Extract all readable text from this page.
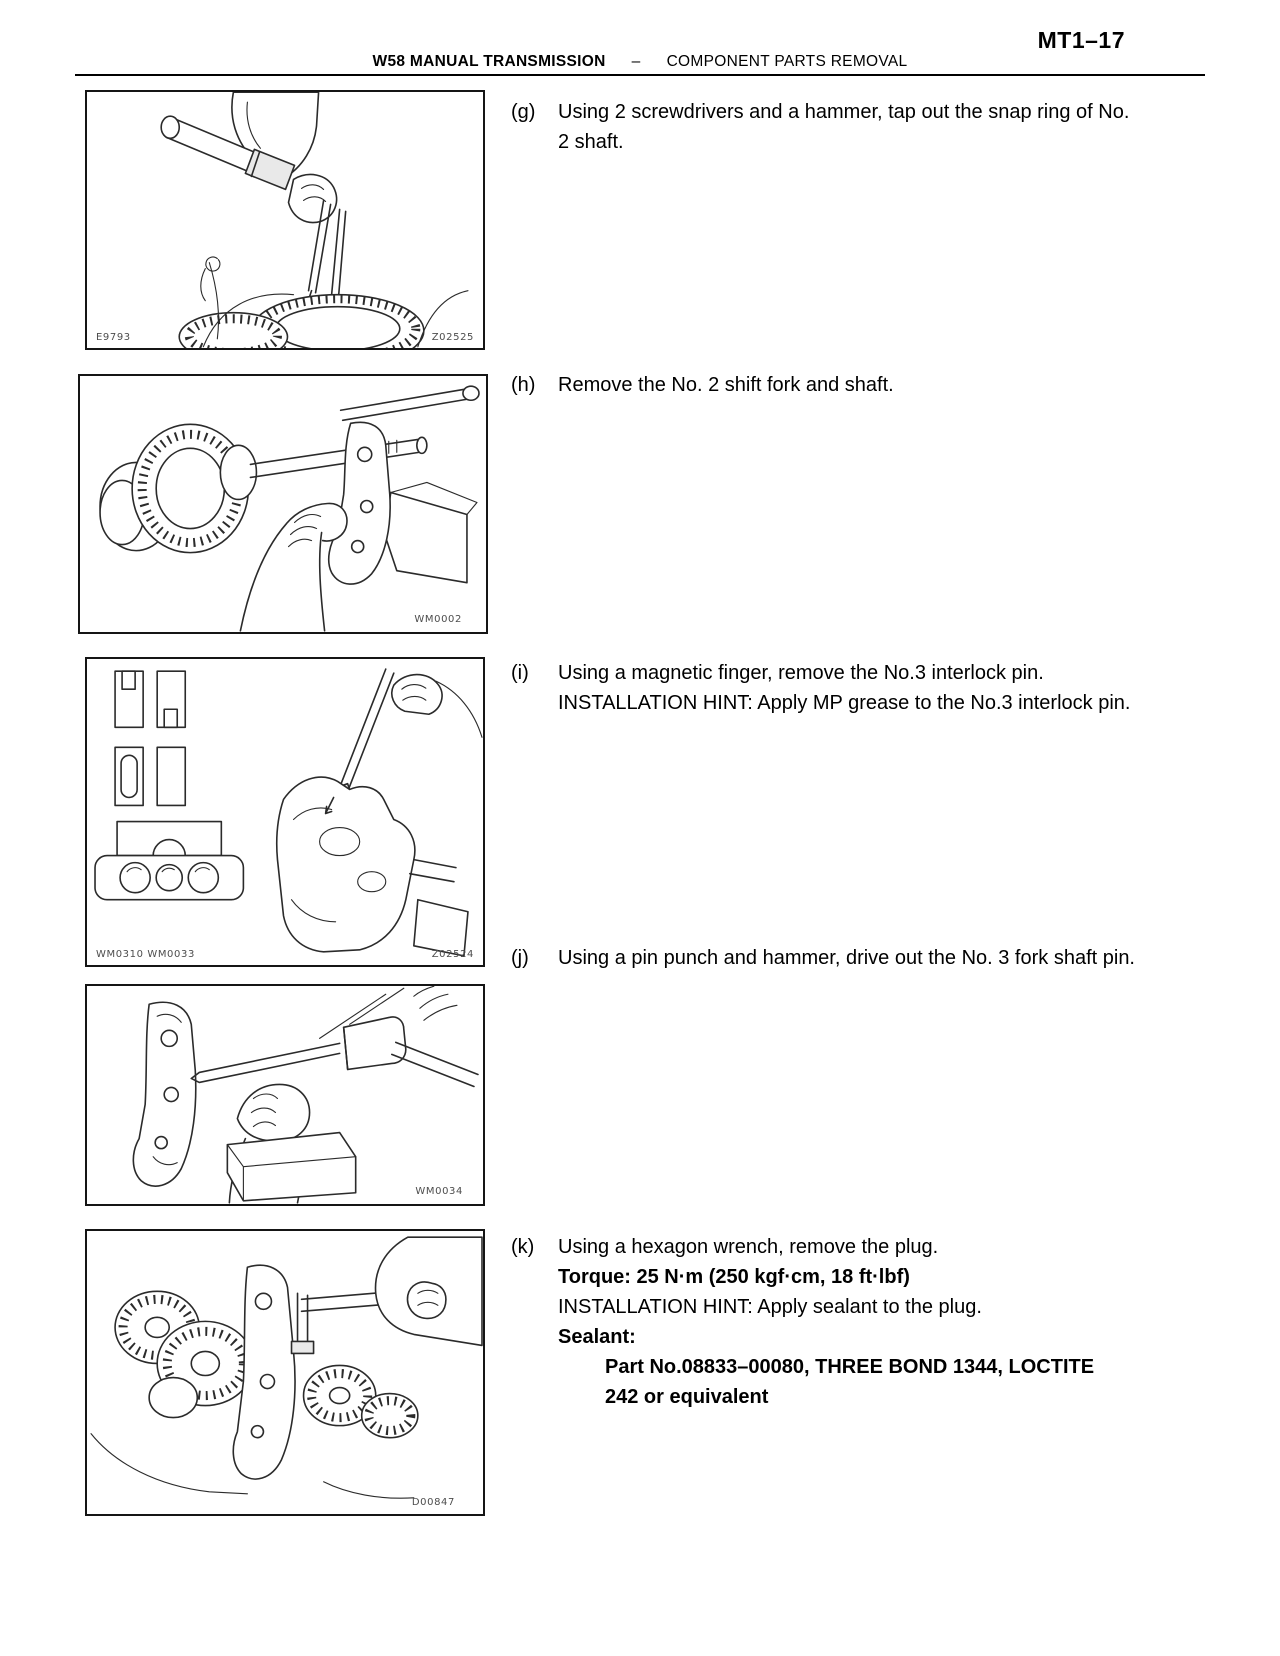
MT1–17
W58 MANUAL TRANSMISSION – COMPONENT PARTS REMOVAL
E9793	Z02525
WM0002
WM0310 WM0033	Z02524
WM0034
D00847
(g)	Using 2 screwdrivers and a hammer, tap out the snap ring of No. 2 shaft.

(h)	Remove the No. 2 shift fork and shaft.

(i)	Using a magnetic finger, remove the No.3 interlock pin.

INSTALLATION HINT: Apply MP grease to the No.3 interlock pin.

(j)	Using a pin punch and hammer, drive out the No. 3 fork shaft pin.

(k)	Using a hexagon wrench, remove the plug.

Torque: 25 N·m (250 kgf·cm, 18 ft·lbf)

INSTALLATION HINT: Apply sealant to the plug.

Sealant:

Part No.08833–00080, THREE BOND 1344, LOCTITE 242 or equivalent
